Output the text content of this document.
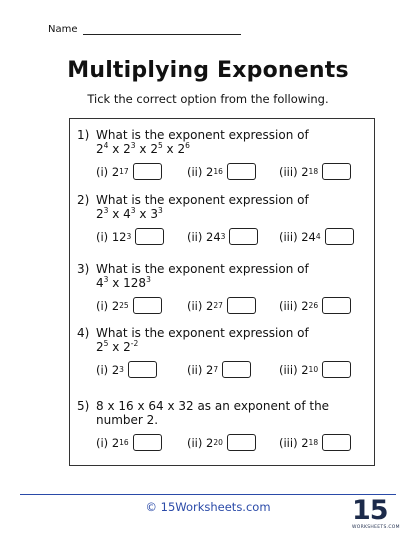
Name
Multiplying Exponents
Tick the correct option from the following.
1) What is the exponent expression of
$2^4$ x $2^3$ x $2^5$ x $2^6$
(i)
2 17	(ii)
2 16	(iii)
2 18
2) What is the exponent expression of
$2^3$ x $4^3$ x $3^3$
(i)
12 3	(ii)
24 3	(iii)
24 4
3) What is the exponent expression of
$4^3$ x $128^3$
(i)
2 25	(ii)
2 27	(iii)
2 26
4) What is the exponent expression of
$2^5$ x $2^{-2}$
(i)
2 3	(ii)
2 7	(iii)
2 10
5) 8 x 16 x 64 x 32 as an exponent of the number 2.
(i)
2 16	(ii)
2 20	(iii)
2 18
© 15Worksheets.com	15
WORKSHEETS.COM
